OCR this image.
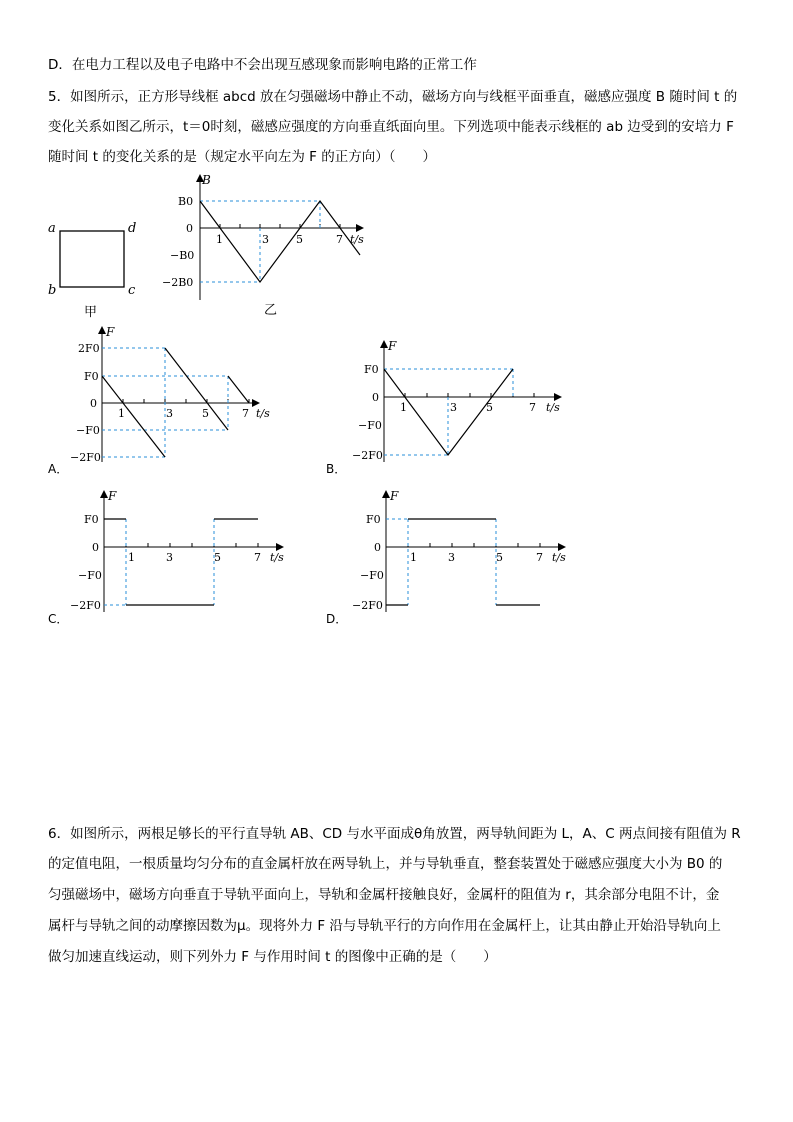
D．在电力工程以及电子电路中不会出现互感现象而影响电路的正常工作
5．如图所示，正方形导线框 abcd 放在匀强磁场中静止不动，磁场方向与线框平面垂直，磁感应强度 B 随时间 t 的
变化关系如图乙所示，t＝0时刻，磁感应强度的方向垂直纸面向里。下列选项中能表示线框的 ab 边受到的安培力 F
随时间 t 的变化关系的是（规定水平向左为 F 的正方向）（　　）
a	d
b	c
甲
B
B0
0
−B0
−2B0
1	3 5	7 t/s
乙
A．
F
2F0
F0
0
−F0
−2F0
1	3	5	7 t/s
B．
F
F0
0
−F0
−2F0
1	3	5	7 t/s
C．
F
F0
0
−F0
−2F0
1	3	5	7 t/s
D．
F
F0
0
−F0
−2F0
1	3	5	7 t/s
6．如图所示，两根足够长的平行直导轨 AB、CD 与水平面成θ角放置，两导轨间距为 L，A、C 两点间接有阻值为 R
的定值电阻，一根质量均匀分布的直金属杆放在两导轨上，并与导轨垂直，整套装置处于磁感应强度大小为 B0 的
匀强磁场中，磁场方向垂直于导轨平面向上，导轨和金属杆接触良好，金属杆的阻值为 r，其余部分电阻不计，金
属杆与导轨之间的动摩擦因数为μ。现将外力 F 沿与导轨平行的方向作用在金属杆上，让其由静止开始沿导轨向上
做匀加速直线运动，则下列外力 F 与作用时间 t 的图像中正确的是（　　）
